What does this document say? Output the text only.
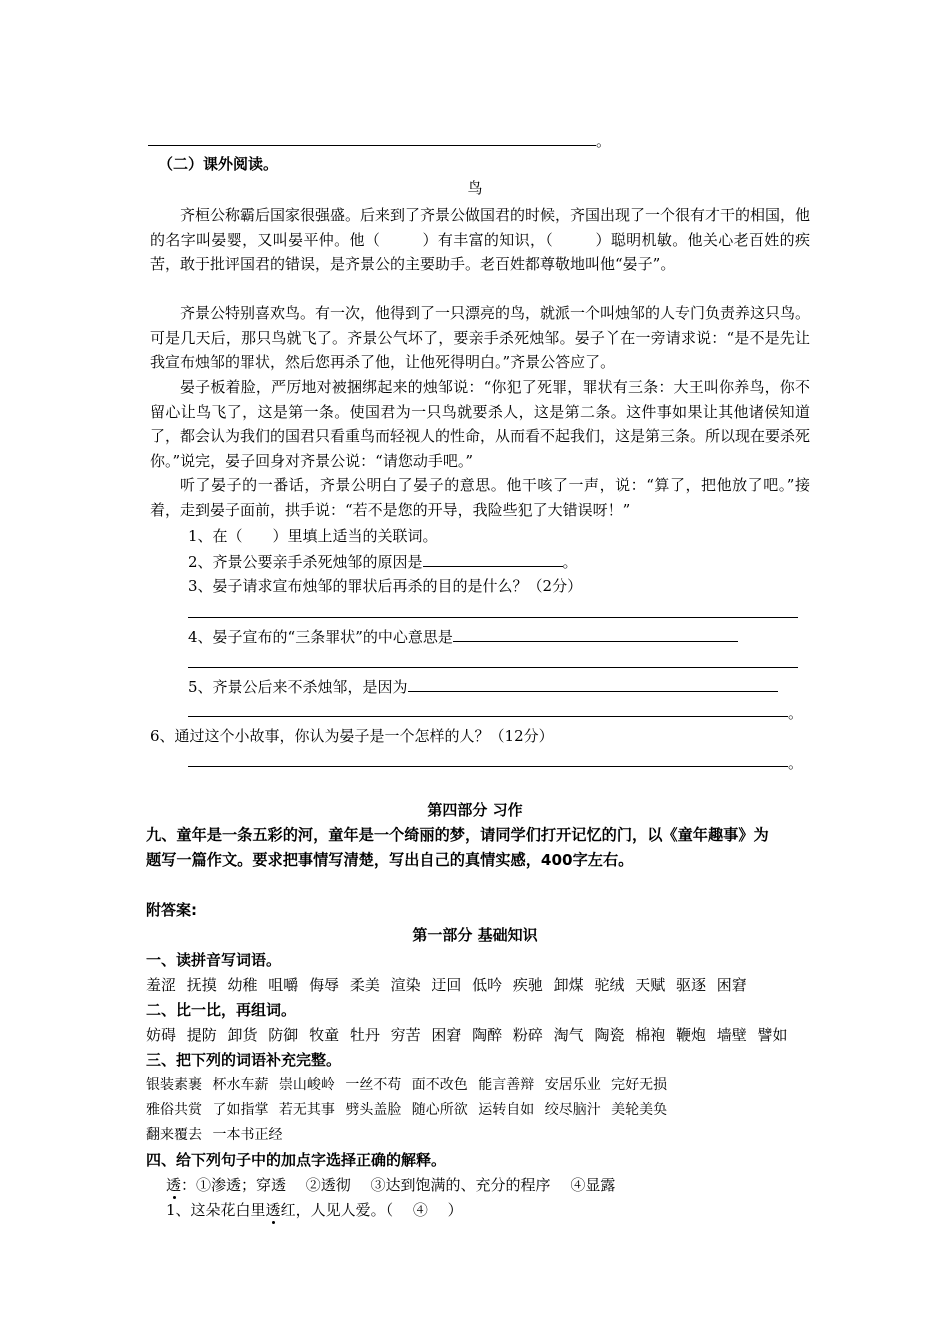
。
（二）课外阅读。
鸟
齐桓公称霸后国家很强盛。后来到了齐景公做国君的时候，齐国出现了一个很有才干的相国，他的名字叫晏婴，又叫晏平仲。他（	）有丰富的知识，（	）聪明机敏。他关心老百姓的疾苦，敢于批评国君的错误，是齐景公的主要助手。老百姓都尊敬地叫他“晏子”。
齐景公特别喜欢鸟。有一次，他得到了一只漂亮的鸟，就派一个叫烛邹的人专门负责养这只鸟。可是几天后，那只鸟就飞了。齐景公气坏了，要亲手杀死烛邹。晏子丫在一旁请求说：“是不是先让我宣布烛邹的罪状，然后您再杀了他，让他死得明白。”齐景公答应了。
晏子板着脸，严厉地对被捆绑起来的烛邹说：“你犯了死罪，罪状有三条：大王叫你养鸟，你不留心让鸟飞了，这是第一条。使国君为一只鸟就要杀人，这是第二条。这件事如果让其他诸侯知道了，都会认为我们的国君只看重鸟而轻视人的性命，从而看不起我们，这是第三条。所以现在要杀死你。”说完，晏子回身对齐景公说：“请您动手吧。”
听了晏子的一番话，齐景公明白了晏子的意思。他干咳了一声，说：“算了，把他放了吧。”接着，走到晏子面前，拱手说：“若不是您的开导，我险些犯了大错误呀！”
1、在（　　）里填上适当的关联词。
2、齐景公要亲手杀死烛邹的原因是	。
3、晏子请求宣布烛邹的罪状后再杀的目的是什么？（2分）
4、晏子宣布的“三条罪状”的中心意思是
5、齐景公后来不杀烛邹，是因为
。
6、通过这个小故事，你认为晏子是一个怎样的人？（12分）
。
第四部分 习作
九、童年是一条五彩的河，童年是一个绮丽的梦，请同学们打开记忆的门，以《童年趣事》为
题写一篇作文。要求把事情写清楚，写出自己的真情实感，400字左右。
附答案:
第一部分 基础知识
一、读拼音写词语。
羞涩 抚摸 幼稚 咀嚼 侮辱 柔美 渲染 迂回 低吟 疾驰 卸煤 驼绒 天赋 驱逐 困窘
二、比一比，再组词。
妨碍 提防 卸货 防御 牧童 牡丹 穷苦 困窘 陶醉 粉碎 淘气 陶瓷 棉袍 鞭炮 墙壁 譬如
三、把下列的词语补充完整。
银装素裹 杯水车薪 崇山峻岭 一丝不苟 面不改色 能言善辩 安居乐业 完好无损
雅俗共赏 了如指掌 若无其事 劈头盖脸 随心所欲 运转自如 绞尽脑汁 美轮美奂
翻来覆去 一本书正经
四、给下列句子中的加点字选择正确的解释。
透：①渗透；穿透　 ②透彻　 ③达到饱满的、充分的程序　 ④显露
1、这朵花白里透红，人见人爱。（　 ④　 ）
